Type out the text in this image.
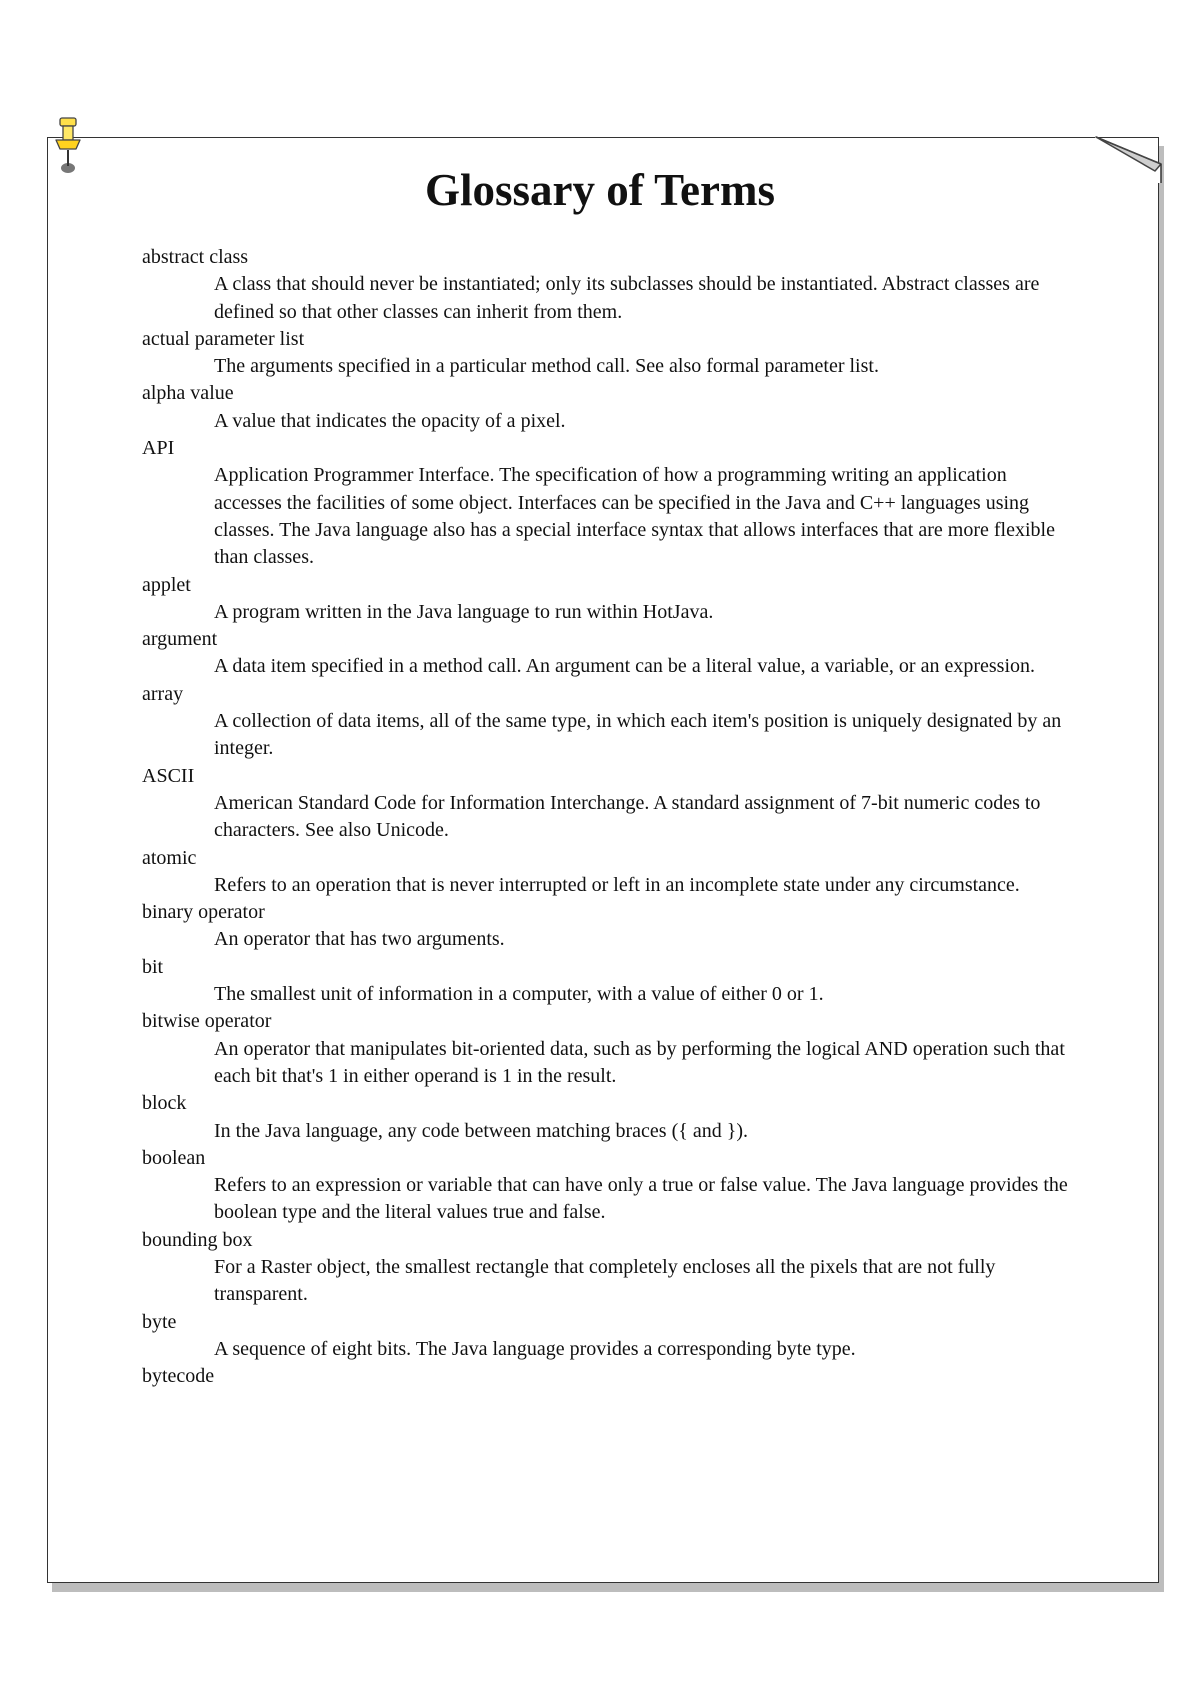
Glossary of Terms
abstract class
A class that should never be instantiated; only its subclasses should be instantiated. Abstract classes are defined so that other classes can inherit from them.
actual parameter list
The arguments specified in a particular method call. See also formal parameter list.
alpha value
A value that indicates the opacity of a pixel.
API
Application Programmer Interface. The specification of how a programming writing an application accesses the facilities of some object. Interfaces can be specified in the Java and C++ languages using classes. The Java language also has a special interface syntax that allows interfaces that are more flexible than classes.
applet
A program written in the Java language to run within HotJava.
argument
A data item specified in a method call. An argument can be a literal value, a variable, or an expression.
array
A collection of data items, all of the same type, in which each item's position is uniquely designated by an integer.
ASCII
American Standard Code for Information Interchange. A standard assignment of 7-bit numeric codes to characters. See also Unicode.
atomic
Refers to an operation that is never interrupted or left in an incomplete state under any circumstance.
binary operator
An operator that has two arguments.
bit
The smallest unit of information in a computer, with a value of either 0 or 1.
bitwise operator
An operator that manipulates bit-oriented data, such as by performing the logical AND operation such that each bit that's 1 in either operand is 1 in the result.
block
In the Java language, any code between matching braces ({ and }).
boolean
Refers to an expression or variable that can have only a true or false value. The Java language provides the boolean type and the literal values true and false.
bounding box
For a Raster object, the smallest rectangle that completely encloses all the pixels that are not fully transparent.
byte
A sequence of eight bits. The Java language provides a corresponding byte type.
bytecode
